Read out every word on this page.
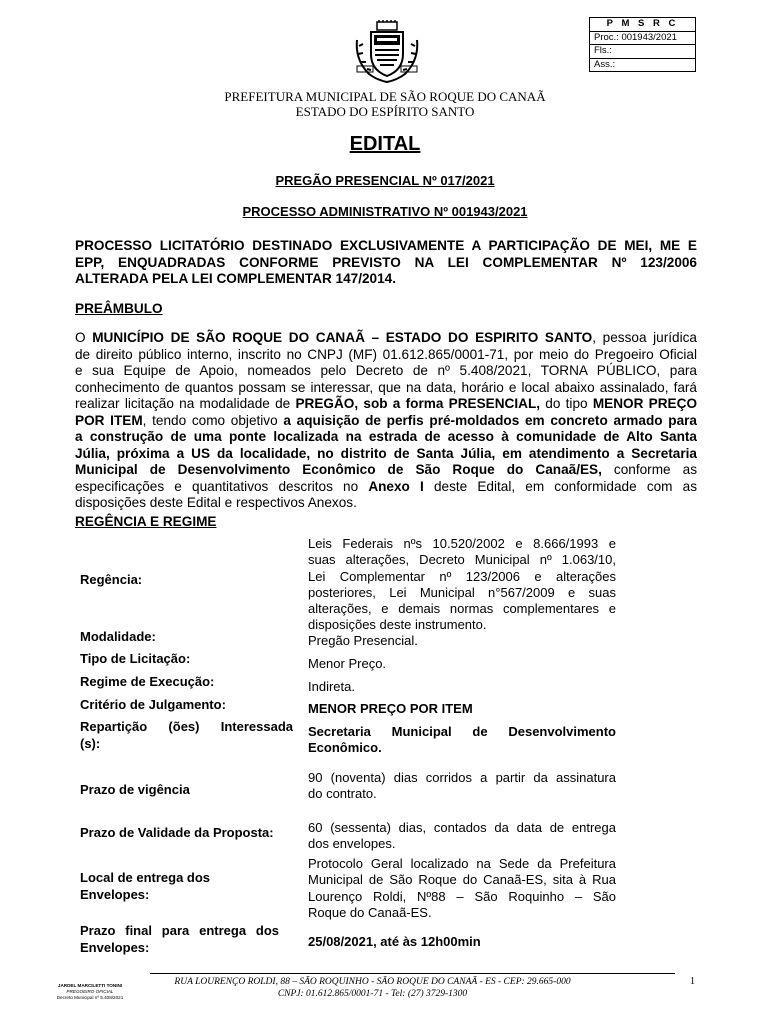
P M S R C
Proc.: 001943/2021
Fls.:
Ass.:
PREFEITURA MUNICIPAL DE SÃO ROQUE DO CANAÃ
ESTADO DO ESPÍRITO SANTO
EDITAL
PREGÃO PRESENCIAL Nº 017/2021
PROCESSO ADMINISTRATIVO Nº 001943/2021
PROCESSO LICITATÓRIO DESTINADO EXCLUSIVAMENTE A PARTICIPAÇÃO DE MEI, ME E
EPP, ENQUADRADAS CONFORME PREVISTO NA LEI COMPLEMENTAR Nº 123/2006
ALTERADA PELA LEI COMPLEMENTAR 147/2014.
PREÂMBULO
O MUNICÍPIO DE SÃO ROQUE DO CANAÃ – ESTADO DO ESPIRITO SANTO, pessoa jurídica
de direito público interno, inscrito no CNPJ (MF) 01.612.865/0001-71, por meio do Pregoeiro Oficial
e sua Equipe de Apoio, nomeados pelo Decreto de nº 5.408/2021, TORNA PÚBLICO, para
conhecimento de quantos possam se interessar, que na data, horário e local abaixo assinalado, fará
realizar licitação na modalidade de PREGÃO, sob a forma PRESENCIAL, do tipo MENOR PREÇO
POR ITEM, tendo como objetivo a aquisição de perfis pré-moldados em concreto armado para
a construção de uma ponte localizada na estrada de acesso à comunidade de Alto Santa
Júlia, próxima a US da localidade, no distrito de Santa Júlia, em atendimento a Secretaria
Municipal de Desenvolvimento Econômico de São Roque do Canaã/ES, conforme as
especificações e quantitativos descritos no Anexo I deste Edital, em conformidade com as
disposições deste Edital e respectivos Anexos.
REGÊNCIA E REGIME
Regência:
Leis Federais nºs 10.520/2002 e 8.666/1993 e
suas alterações, Decreto Municipal nº 1.063/10,
Lei Complementar nº 123/2006 e alterações
posteriores, Lei Municipal n°567/2009 e suas
alterações, e demais normas complementares e
disposições deste instrumento.
Modalidade:	Pregão Presencial.
Tipo de Licitação:	Menor Preço.
Regime de Execução:	Indireta.
Critério de Julgamento:	MENOR PREÇO POR ITEM
Repartição (ões) Interessada
(s):
Secretaria Municipal de Desenvolvimento
Econômico.
Prazo de vigência
90 (noventa) dias corridos a partir da assinatura
do contrato.
Prazo de Validade da Proposta:	60 (sessenta) dias, contados da data de entrega
dos envelopes.
Local de entrega dos
Envelopes:
Protocolo Geral localizado na Sede da Prefeitura
Municipal de São Roque do Canaã-ES, sita à Rua
Lourenço Roldi, Nº88 – São Roquinho – São
Roque do Canaã-ES.
Prazo final para entrega dos
Envelopes:	25/08/2021, até às 12h00min
JARDEL MARCILETTI TONINI
PREGOEIRO OFICIAL
Decreto Municipal nº 5.408/2021
RUA LOURENÇO ROLDI, 88 – SÃO ROQUINHO - SÃO ROQUE DO CANAÃ - ES - CEP: 29.665-000
CNPJ: 01.612.865/0001-71 - Tel: (27) 3729-1300
1
